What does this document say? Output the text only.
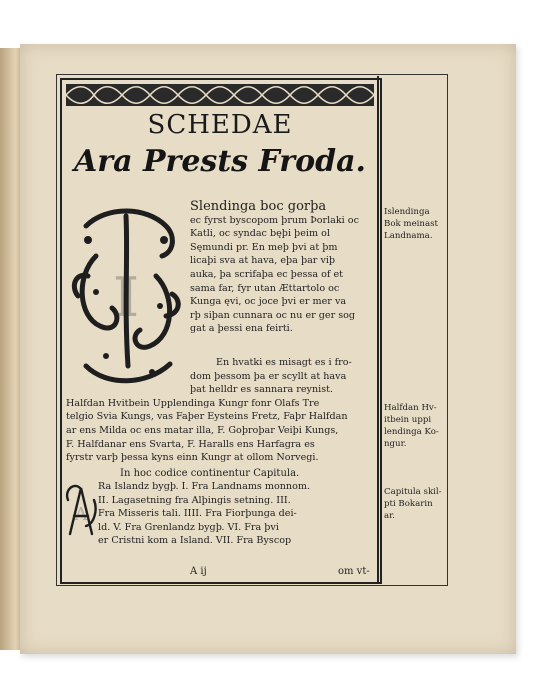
SCHEDAE
Ara Prests Froda.
I
Slendinga boc gorþa
ec fyrst byscopom þrum Þorlaki oc
Katli, oc syndac bęþi þeim ol
Sęmundi pr. En meþ þvi at þm
licaþi sva at hava, eþa þar viþ
auka, þa scrifaþa ec þessa of et
sama far, fyr utan Ættartolo oc
Kunga ęvi, oc joce þvi er mer va
rþ siþan cunnara oc nu er ger sog
gat a þessi ena feirti.
En hvatki es misagt es i fro-
dom þessom þa er scyllt at hava
þat helldr es sannara reynist.
Halfdan Hvitbein Upplendinga Kungr fonr Olafs Tre
telgio Svia Kungs, vas Faþer Eysteins Fretz, Faþr Halfdan
ar ens Milda oc ens matar illa, F. Goþroþar Veiþi Kungs,
F. Halfdanar ens Svarta, F. Haralls ens Harfagra es
fyrstr varþ þessa kyns einn Kungr at ollom Norvegi.
In hoc codice continentur Capitula.
A
Ra Islandz bygþ. I. Fra Landnams monnom.
II. Lagasetning fra Alþingis setning. III.
Fra Misseris tali. IIII. Fra Fiorþunga dei-
ld. V. Fra Grenlandz bygþ. VI. Fra þvi
er Cristni kom a Island. VII. Fra Byscop
A ij	om vt-
Islendinga
Bok meinast
Landnama.
Halfdan Hv-
itbein uppi
lendinga Ko-
ngur.
Capitula skil-
pti Bokarin
ar.
